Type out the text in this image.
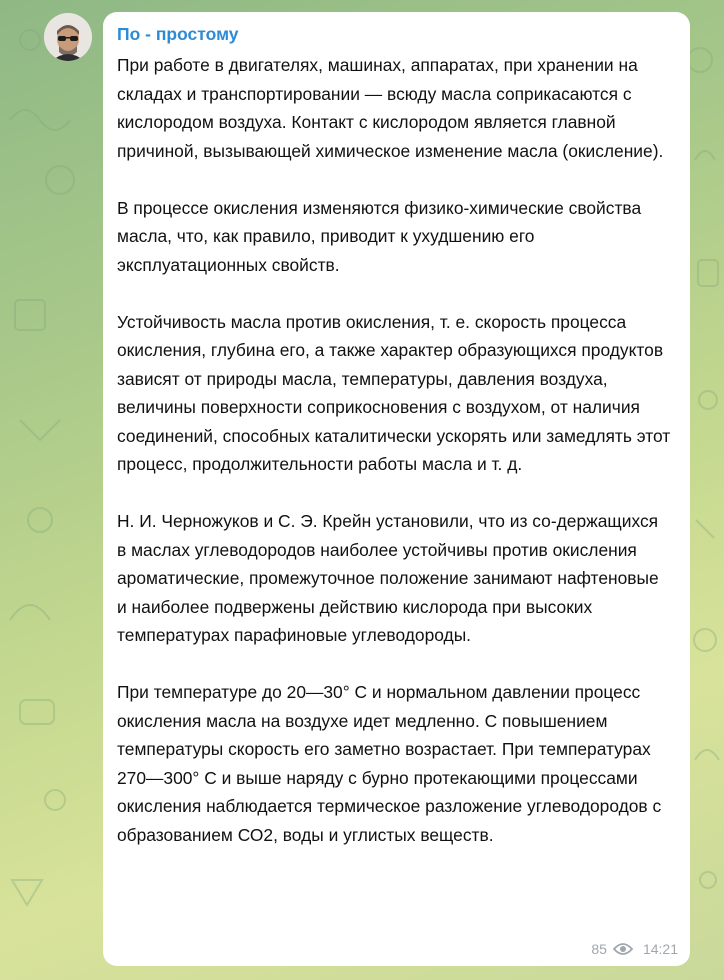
По - простому

При работе в двигателях, машинах, аппаратах, при хранении на складах и транспортировании — всюду масла соприкасаются с кислородом воздуха. Контакт с кислородом является главной причиной, вызывающей химическое изменение масла (окисление).

В процессе окисления изменяются физико-химические свойства масла, что, как правило, приводит к ухудшению его эксплуатационных свойств.

Устойчивость масла против окисления, т. е. скорость процесса окисления, глубина его, а также характер образующихся продуктов зависят от природы масла, температуры, давления воздуха, величины поверхности соприкосновения с воздухом, от наличия соединений, способных каталитически ускорять или замедлять этот процесс, продолжительности работы масла и т. д.

Н. И. Черножуков и С. Э. Крейн установили, что из со-держащихся в маслах углеводородов наиболее устойчивы против окисления ароматические, промежуточное положение занимают нафтеновые и наиболее подвержены действию кислорода при высоких температурах парафиновые углеводороды.

При температуре до 20—30° С и нормальном давлении процесс окисления масла на воздухе идет медленно. С повышением температуры скорость его заметно возрастает. При температурах 270—300° С и выше наряду с бурно протекающими процессами окисления наблюдается термическое разложение углеводородов с образованием СО2, воды и углистых веществ.

85	14:21
